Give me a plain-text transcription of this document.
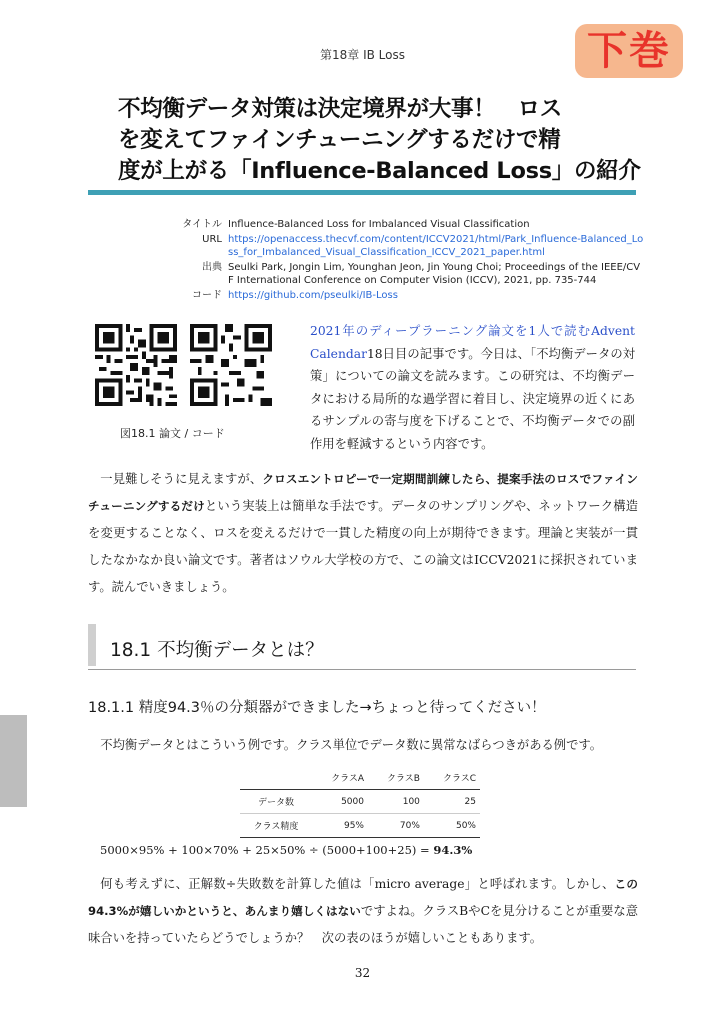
第18章 IB Loss	下巻
不均衡データ対策は決定境界が大事！　ロス
を変えてファインチューニングするだけで精
度が上がる「Influence-Balanced Loss」の紹介
タイトル Influence-Balanced Loss for Imbalanced Visual Classification
URL https://openaccess.thecvf.com/content/ICCV2021/html/Park_Influence-Balanced_Loss_for_Imbalanced_Visual_Classification_ICCV_2021_paper.html
出典 Seulki Park, Jongin Lim, Younghan Jeon, Jin Young Choi; Proceedings of the IEEE/CVF International Conference on Computer Vision (ICCV), 2021, pp. 735-744
コード https://github.com/pseulki/IB-Loss
図18.1 論文 / コード
2021年のディープラーニング論文を1人で読むAdvent Calendar18日目の記事です。今日は、「不均衡データの対策」についての論文を読みます。この研究は、不均衡データにおける局所的な過学習に着目し、決定境界の近くにあるサンプルの寄与度を下げることで、不均衡データでの副作用を軽減するという内容です。
一見難しそうに見えますが、クロスエントロピーで一定期間訓練したら、提案手法のロスでファインチューニングするだけという実装上は簡単な手法です。データのサンプリングや、ネットワーク構造を変更することなく、ロスを変えるだけで一貫した精度の向上が期待できます。理論と実装が一貫したなかなか良い論文です。著者はソウル大学校の方で、この論文はICCV2021に採択されています。読んでいきましょう。
18.1 不均衡データとは？
18.1.1 精度94.3％の分類器ができました→ちょっと待ってください！
不均衡データとはこういう例です。クラス単位でデータ数に異常なばらつきがある例です。
	クラスA	クラスB	クラスC
データ数	5000	100	25
クラス精度	95%	70%	50%
5000×95% + 100×70% + 25×50% ÷ (5000+100+25) = 94.3%
何も考えずに、正解数÷失敗数を計算した値は「micro average」と呼ばれます。しかし、この94.3%が嬉しいかというと、あんまり嬉しくはないですよね。クラスBやCを見分けることが重要な意味合いを持っていたらどうでしょうか？　次の表のほうが嬉しいこともあります。
32
